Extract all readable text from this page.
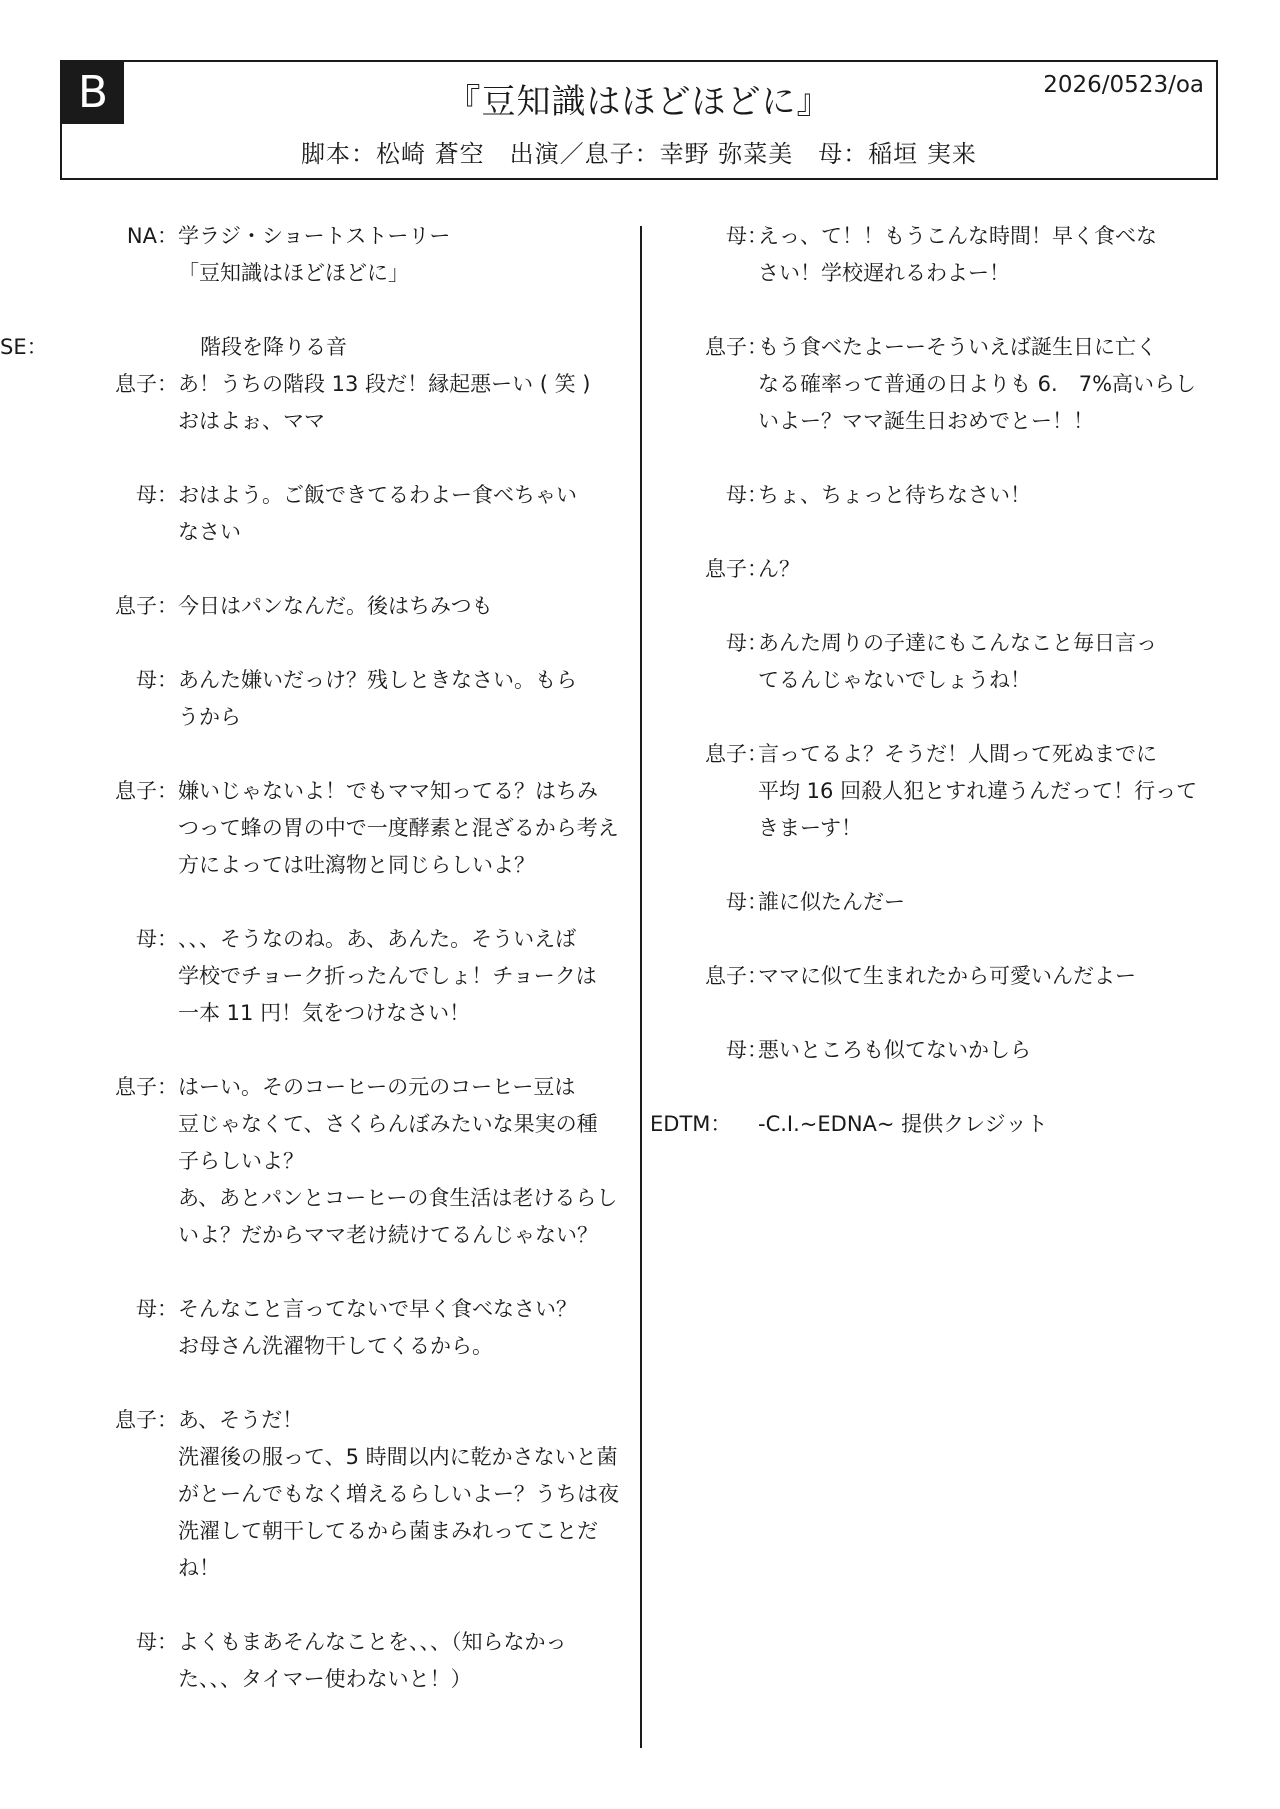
B	『豆知識はほどほどに』	2026/0523/oa
脚本：松崎 蒼空　出演／息子：幸野 弥菜美　母：稲垣 実来
NA： 学ラジ・ショートストーリー
「豆知識はほどほどに」
SE：	階段を降りる音
息子： あ！うちの階段 13 段だ！縁起悪ーい ( 笑 )
おはよぉ、ママ
母： おはよう。ご飯できてるわよー食べちゃい
なさい
息子： 今日はパンなんだ。後はちみつも
母： あんた嫌いだっけ？残しときなさい。もら
うから
息子： 嫌いじゃないよ！でもママ知ってる？はちみ
つって蜂の胃の中で一度酵素と混ざるから考え
方によっては吐瀉物と同じらしいよ？
母： 、、、そうなのね。あ、あんた。そういえば
学校でチョーク折ったんでしょ！チョークは
一本 11 円！気をつけなさい！
息子： はーい。そのコーヒーの元のコーヒー豆は
豆じゃなくて、さくらんぼみたいな果実の種
子らしいよ？
あ、あとパンとコーヒーの食生活は老けるらし
いよ？だからママ老け続けてるんじゃない？
母： そんなこと言ってないで早く食べなさい？
お母さん洗濯物干してくるから。
息子： あ、そうだ！
洗濯後の服って、5 時間以内に乾かさないと菌
がとーんでもなく増えるらしいよー？うちは夜
洗濯して朝干してるから菌まみれってことだ
ね！
母： よくもまあそんなことを、、、（知らなかっ
た、、、タイマー使わないと！）
母：
えっ、て！！もうこんな時間！早く食べな
さい！学校遅れるわよー！
息子：
もう食べたよーーそういえば誕生日に亡く
なる確率って普通の日よりも 6.　7%高いらし
いよー？ママ誕生日おめでとー！！
母：
ちょ、ちょっと待ちなさい！
息子：
ん？
母：
あんた周りの子達にもこんなこと毎日言っ
てるんじゃないでしょうね！
息子：
言ってるよ？そうだ！人間って死ぬまでに
平均 16 回殺人犯とすれ違うんだって！行って
きまーす！
母：
誰に似たんだー
息子：
ママに似て生まれたから可愛いんだよー
母：
悪いところも似てないかしら
EDTM： -C.I.~EDNA~ 提供クレジット
